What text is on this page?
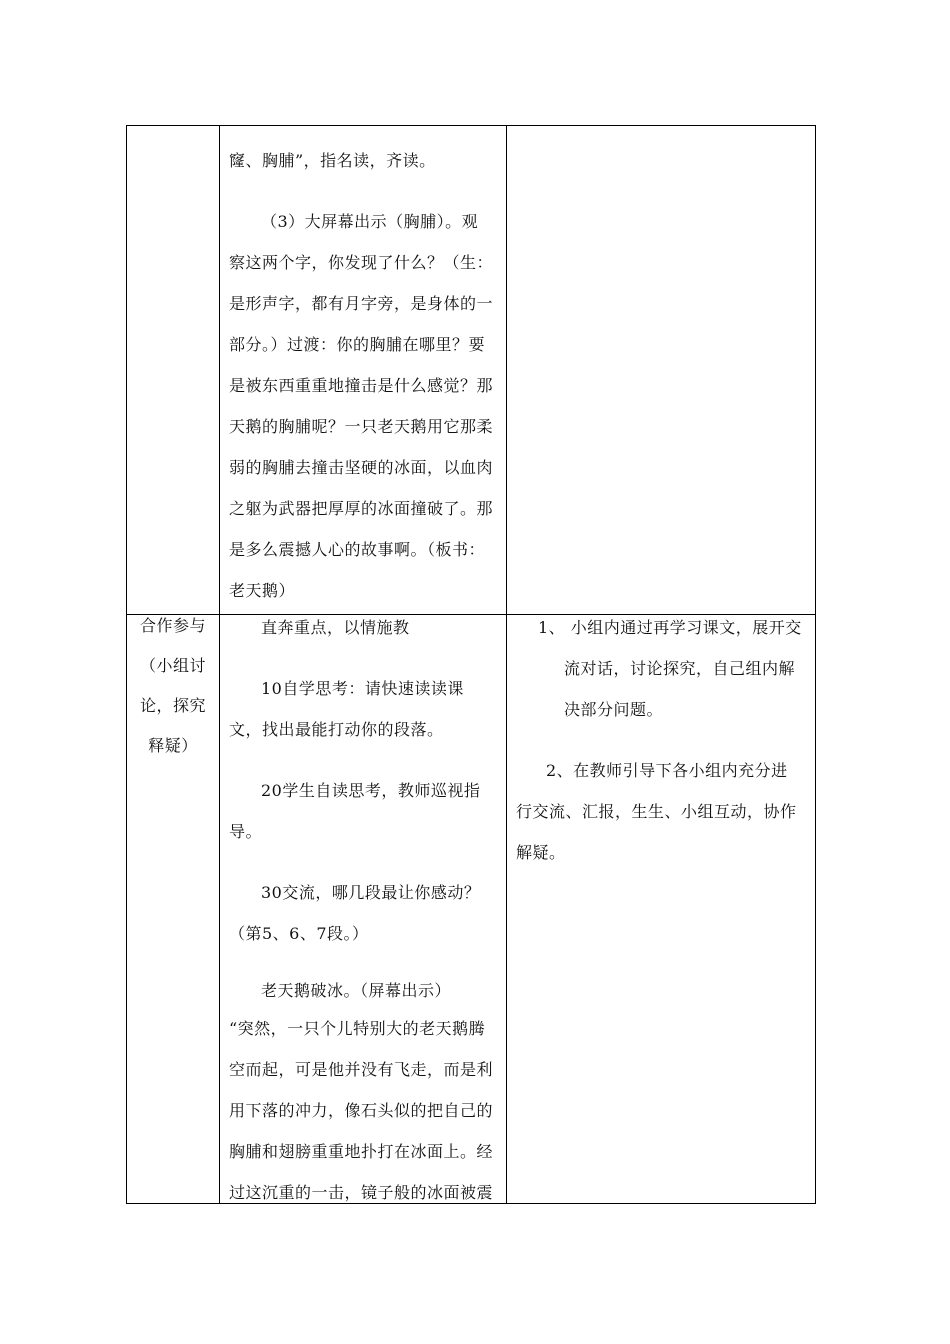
窿、胸脯”，指名读，齐读。
（3）大屏幕出示（胸脯）。观
察这两个字，你发现了什么？（生：
是形声字，都有月字旁，是身体的一
部分。）过渡：你的胸脯在哪里？要
是被东西重重地撞击是什么感觉？那
天鹅的胸脯呢？一只老天鹅用它那柔
弱的胸脯去撞击坚硬的冰面，以血肉
之躯为武器把厚厚的冰面撞破了。那
是多么震撼人心的故事啊。（板书：
老天鹅）
合作参与
（小组讨
论，探究
释疑）
直奔重点，以情施教
10自学思考：请快速读读课
文，找出最能打动你的段落。
20学生自读思考，教师巡视指
导。
30交流，哪几段最让你感动？
（第5、6、7段。）
老天鹅破冰。（屏幕出示）
“突然，一只个儿特别大的老天鹅腾
空而起，可是他并没有飞走，而是利
用下落的冲力，像石头似的把自己的
胸脯和翅膀重重地扑打在冰面上。经
过这沉重的一击，镜子般的冰面被震
1、 小组内通过再学习课文，展开交
流对话，讨论探究，自己组内解
决部分问题。
2、在教师引导下各小组内充分进
行交流、汇报，生生、小组互动，协作
解疑。
